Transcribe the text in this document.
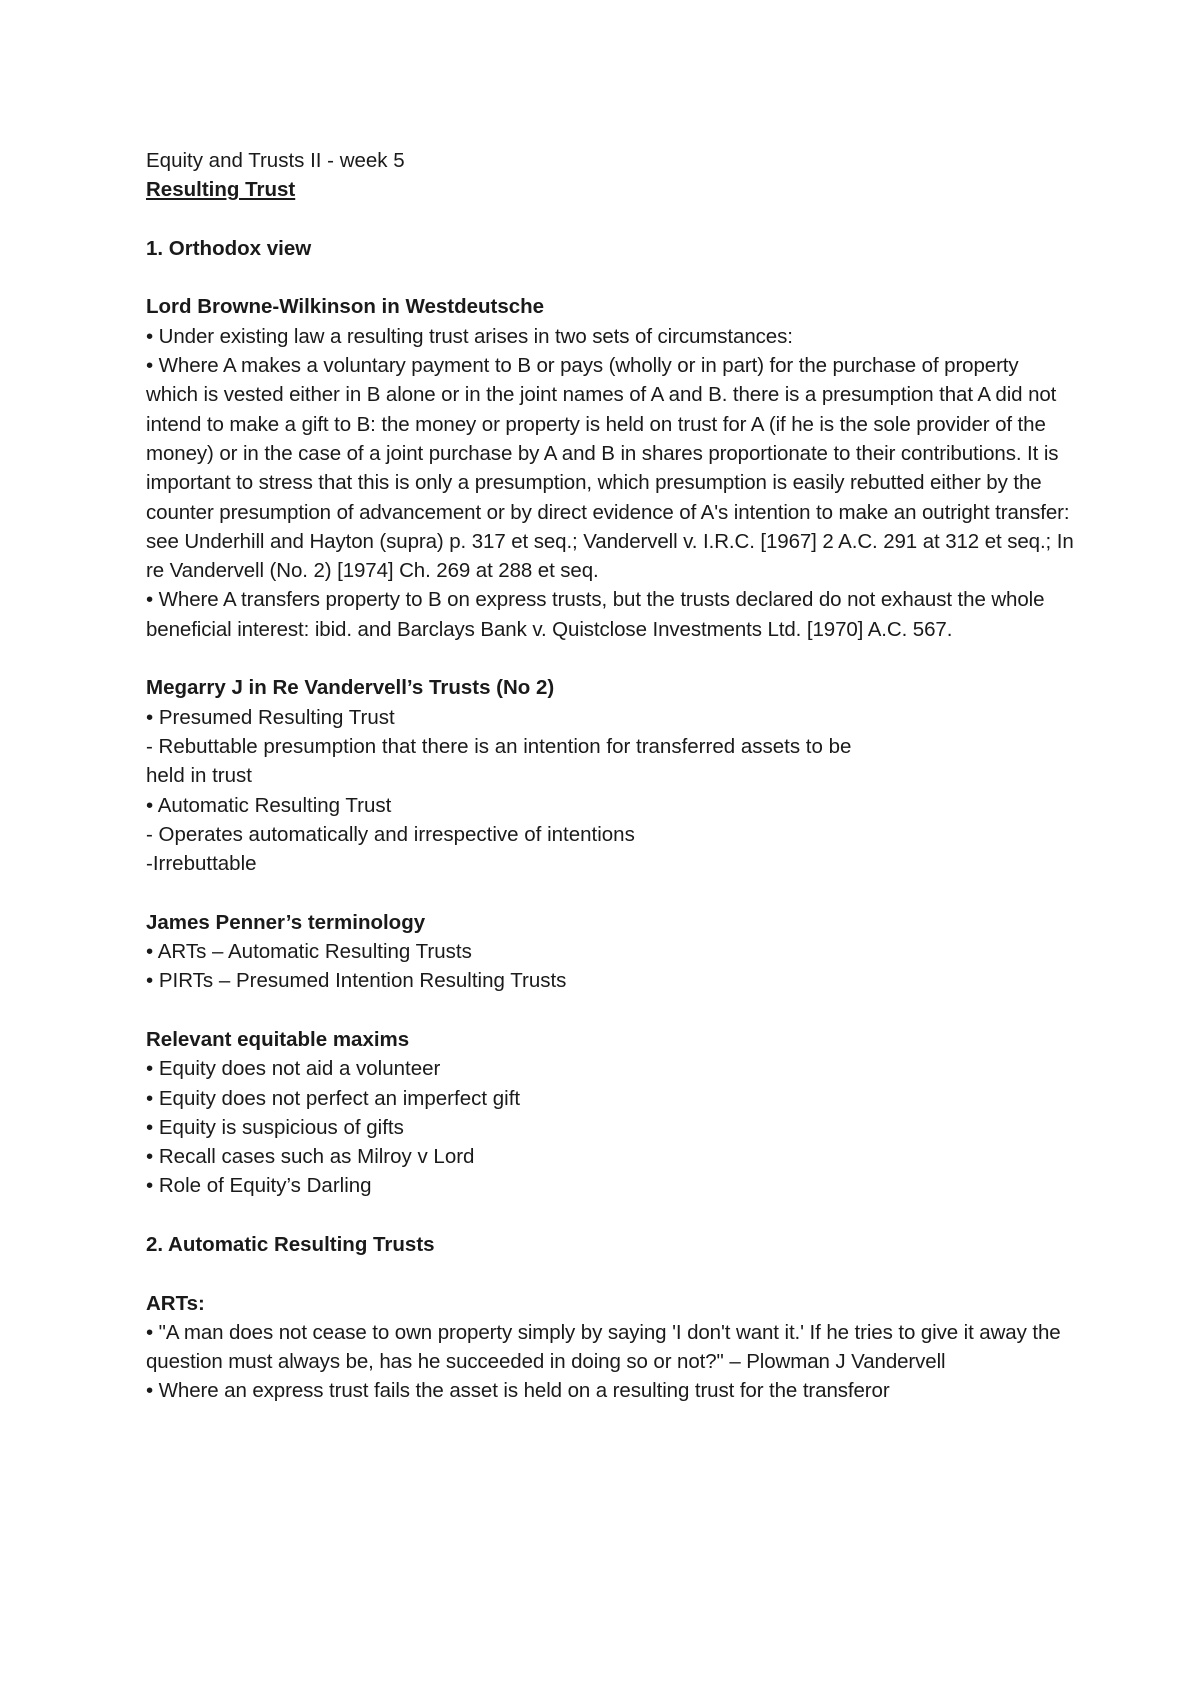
Equity and Trusts II - week 5
Resulting Trust
1. Orthodox view
Lord Browne-Wilkinson in Westdeutsche
• Under existing law a resulting trust arises in two sets of circumstances:
• Where A makes a voluntary payment to B or pays (wholly or in part) for the purchase of property which is vested either in B alone or in the joint names of A and B. there is a presumption that A did not intend to make a gift to B: the money or property is held on trust for A (if he is the sole provider of the money) or in the case of a joint purchase by A and B in shares proportionate to their contributions. It is important to stress that this is only a presumption, which presumption is easily rebutted either by the counter presumption of advancement or by direct evidence of A's intention to make an outright transfer: see Underhill and Hayton (supra) p. 317 et seq.; Vandervell v. I.R.C. [1967] 2 A.C. 291 at 312 et seq.; In re Vandervell (No. 2) [1974] Ch. 269 at 288 et seq.
• Where A transfers property to B on express trusts, but the trusts declared do not exhaust the whole beneficial interest: ibid. and Barclays Bank v. Quistclose Investments Ltd. [1970] A.C. 567.
Megarry J in Re Vandervell’s Trusts (No 2)
• Presumed Resulting Trust
- Rebuttable presumption that there is an intention for transferred assets to be
held in trust
• Automatic Resulting Trust
- Operates automatically and irrespective of intentions
-Irrebuttable
James Penner’s terminology
• ARTs – Automatic Resulting Trusts
• PIRTs – Presumed Intention Resulting Trusts
Relevant equitable maxims
• Equity does not aid a volunteer
• Equity does not perfect an imperfect gift
• Equity is suspicious of gifts
• Recall cases such as Milroy v Lord
• Role of Equity’s Darling
2. Automatic Resulting Trusts
ARTs:
• "A man does not cease to own property simply by saying 'I don't want it.' If he tries to give it away the question must always be, has he succeeded in doing so or not?" – Plowman J Vandervell
• Where an express trust fails the asset is held on a resulting trust for the transferor
